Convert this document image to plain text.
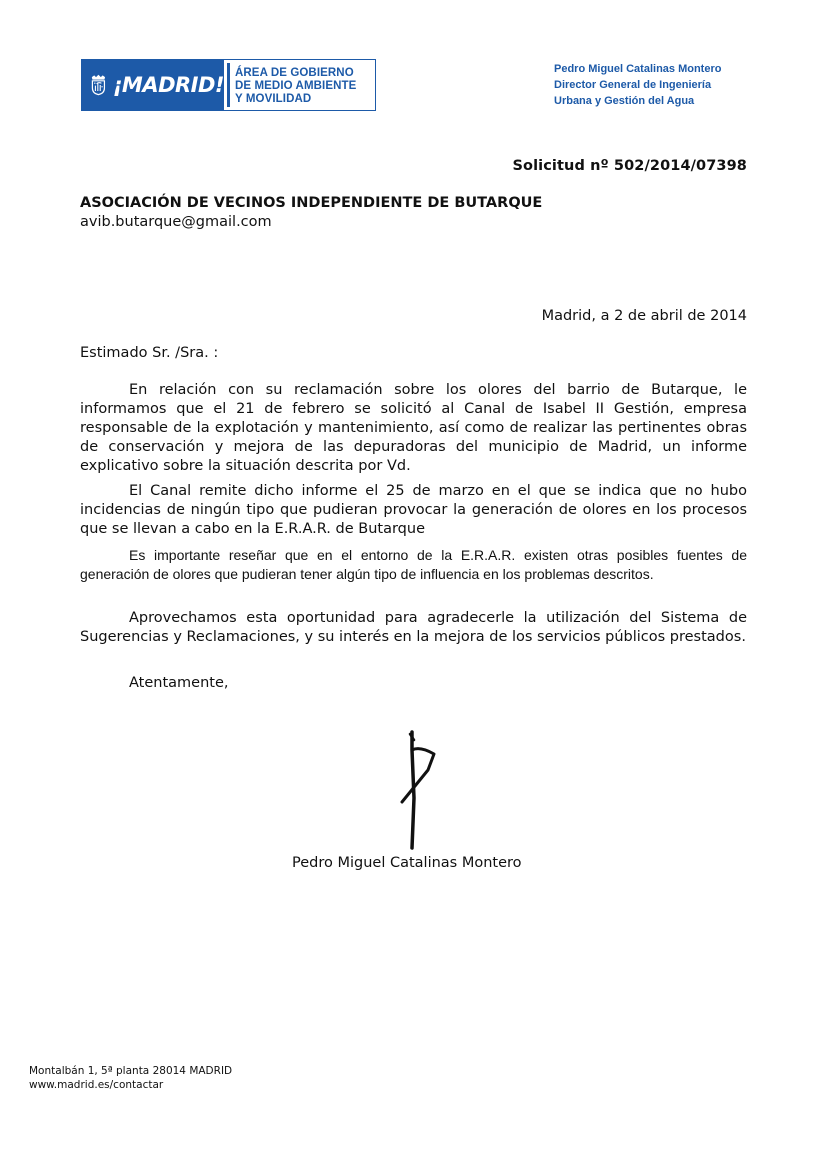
¡MADRID!
ÁREA DE GOBIERNO
DE MEDIO AMBIENTE
Y MOVILIDAD
Pedro Miguel Catalinas Montero
Director General de Ingeniería
Urbana y Gestión del Agua
Solicitud nº 502/2014/07398
ASOCIACIÓN DE VECINOS INDEPENDIENTE DE BUTARQUE
avib.butarque@gmail.com
Madrid, a 2 de abril de 2014
Estimado Sr. /Sra. :

En relación con su reclamación sobre los olores del barrio de Butarque, le informamos que el 21 de febrero se solicitó al Canal de Isabel II Gestión, empresa responsable de la explotación y mantenimiento, así como de realizar las pertinentes obras de conservación y mejora de las depuradoras del municipio de Madrid, un informe explicativo sobre la situación descrita por Vd.

El Canal remite dicho informe el 25 de marzo en el que se indica que no hubo incidencias de ningún tipo que pudieran provocar la generación de olores en los procesos que se llevan a cabo en la E.R.A.R. de Butarque

Es importante reseñar que en el entorno de la E.R.A.R. existen otras posibles fuentes de generación de olores que pudieran tener algún tipo de influencia en los problemas descritos.

Aprovechamos esta oportunidad para agradecerle la utilización del Sistema de Sugerencias y Reclamaciones, y su interés en la mejora de los servicios públicos prestados.

Atentamente,
Pedro Miguel Catalinas Montero
Montalbán 1, 5ª planta 28014 MADRID
www.madrid.es/contactar
